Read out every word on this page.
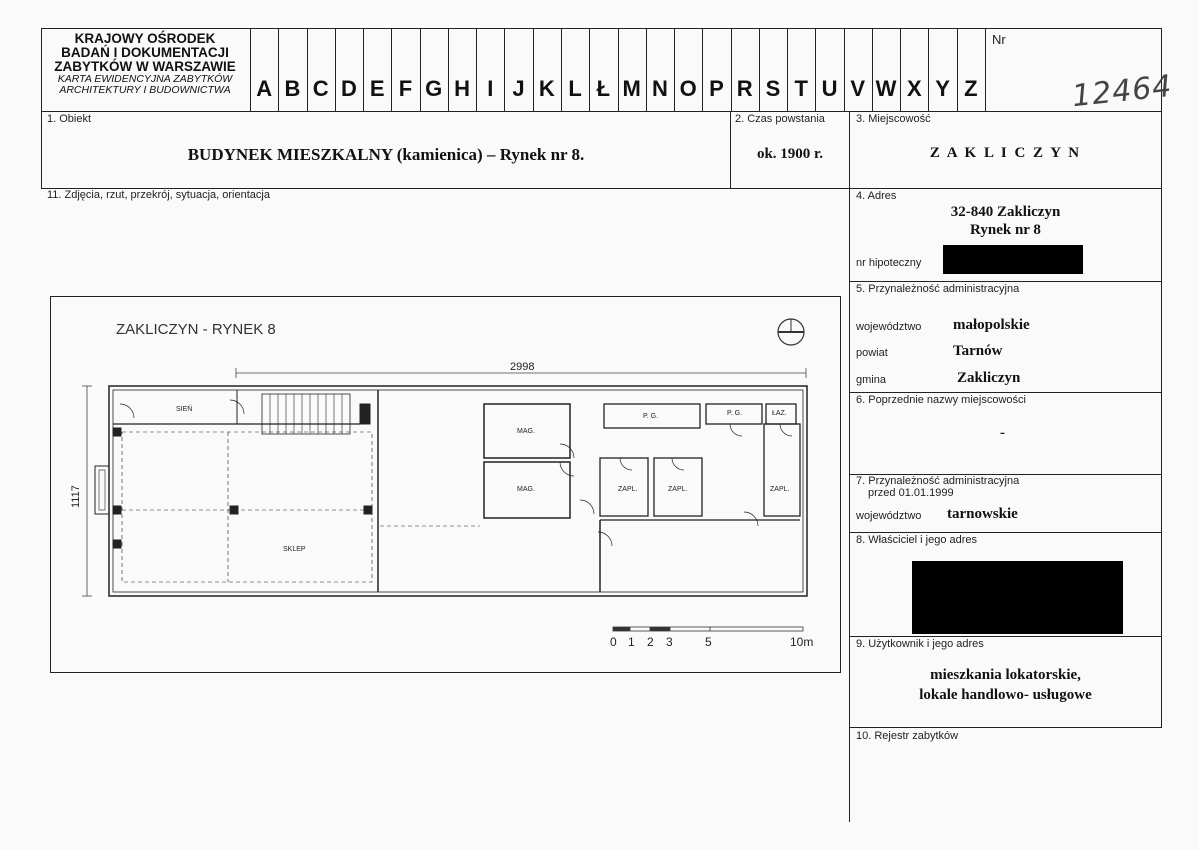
KRAJOWY OŚRODEK
BADAŃ I DOKUMENTACJI
ZABYTKÓW W WARSZAWIE
KARTA EWIDENCYJNA ZABYTKÓW
ARCHITEKTURY I BUDOWNICTWA	A B C D E F G H I J K L Ł M N O P R S T U V W X Y Z
Nr
12464
1. Obiekt
BUDYNEK MIESZKALNY (kamienica) – Rynek nr 8.
2. Czas powstania
ok. 1900 r.
3. Miejscowość
Z A K L I C Z Y N
11. Zdjęcia, rzut, przekrój, sytuacja, orientacja	4. Adres
32-840 Zakliczyn
Rynek nr 8
nr hipoteczny
5. Przynależność administracyjna
województwo małopolskie
powiat	Tarnów
gmina	Zakliczyn
6. Poprzednie nazwy miejscowości
-
7. Przynależność administracyjna
przed 01.01.1999
województwo tarnowskie
8. Właściciel i jego adres
9. Użytkownik i jego adres
mieszkania lokatorskie,
lokale handlowo- usługowe
10. Rejestr zabytków
ZAKLICZYN - RYNEK 8
2998
1117
SIEŃ
MAG.
MAG.
P. G.	P. G.	ŁAZ.
ZAPL.	ZAPL.	ZAPL.
SKLEP
0 1 2 3	5	10m
